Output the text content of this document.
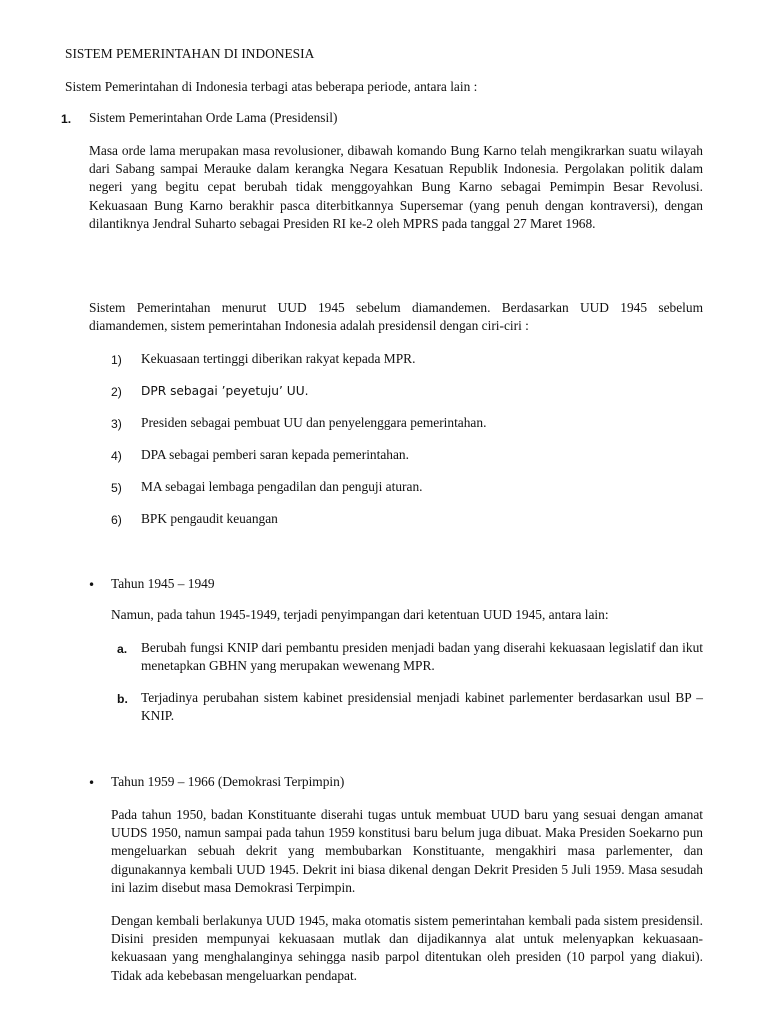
SISTEM PEMERINTAHAN DI INDONESIA
Sistem Pemerintahan di Indonesia terbagi atas beberapa periode, antara lain :
1. Sistem Pemerintahan Orde Lama (Presidensil)

Masa orde lama merupakan masa revolusioner, dibawah komando Bung Karno telah mengikrarkan suatu wilayah dari Sabang sampai Merauke dalam kerangka Negara Kesatuan Republik Indonesia. Pergolakan politik dalam negeri yang begitu cepat berubah tidak menggoyahkan Bung Karno sebagai Pemimpin Besar Revolusi. Kekuasaan Bung Karno berakhir pasca diterbitkannya Supersemar (yang penuh dengan kontraversi), dengan dilantiknya Jendral Suharto sebagai Presiden RI ke-2 oleh MPRS pada tanggal 27 Maret 1968.

Sistem Pemerintahan menurut UUD 1945 sebelum diamandemen. Berdasarkan UUD 1945 sebelum diamandemen, sistem pemerintahan Indonesia adalah presidensil dengan ciri-ciri :

1) Kekuasaan tertinggi diberikan rakyat kepada MPR.
2) DPR sebagai ’peyetuju’ UU.
3) Presiden sebagai pembuat UU dan penyelenggara pemerintahan.
4) DPA sebagai pemberi saran kepada pemerintahan.
5) MA sebagai lembaga pengadilan dan penguji aturan.
6) BPK pengaudit keuangan
• Tahun 1945 – 1949
Namun, pada tahun 1945-1949, terjadi penyimpangan dari ketentuan UUD 1945, antara lain:
a. Berubah fungsi KNIP dari pembantu presiden menjadi badan yang diserahi kekuasaan legislatif dan ikut menetapkan GBHN yang merupakan wewenang MPR.

b. Terjadinya perubahan sistem kabinet presidensial menjadi kabinet parlementer berdasarkan usul BP – KNIP.

• Tahun 1959 – 1966 (Demokrasi Terpimpin)

Pada tahun 1950, badan Konstituante diserahi tugas untuk membuat UUD baru yang sesuai dengan amanat UUDS 1950, namun sampai pada tahun 1959 konstitusi baru belum juga dibuat. Maka Presiden Soekarno pun mengeluarkan sebuah dekrit yang membubarkan Konstituante, mengakhiri masa parlementer, dan digunakannya kembali UUD 1945. Dekrit ini biasa dikenal dengan Dekrit Presiden 5 Juli 1959. Masa sesudah ini lazim disebut masa Demokrasi Terpimpin.

Dengan kembali berlakunya UUD 1945, maka otomatis sistem pemerintahan kembali pada sistem presidensil. Disini presiden mempunyai kekuasaan mutlak dan dijadikannya alat untuk melenyapkan kekuasaan-kekuasaan yang menghalanginya sehingga nasib parpol ditentukan oleh presiden (10 parpol yang diakui). Tidak ada kebebasan mengeluarkan pendapat.
